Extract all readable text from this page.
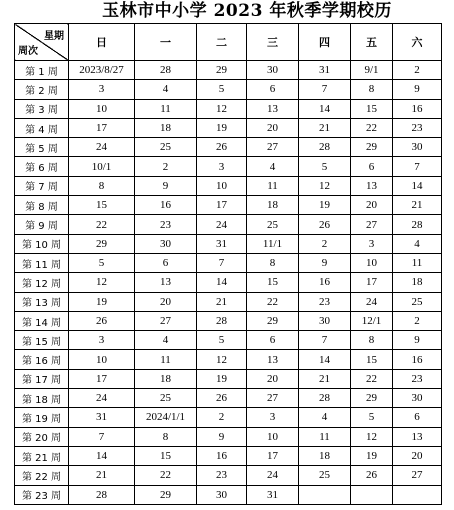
玉林市中小学 2023 年秋季学期校历
星期
周次	日	一	二	三	四	五	六
第 1 周	2023/8/27	28	29	30	31	9/1	2
第 2 周	3	4	5	6	7	8	9
第 3 周	10	11	12	13	14	15	16
第 4 周	17	18	19	20	21	22	23
第 5 周	24	25	26	27	28	29	30
第 6 周	10/1	2	3	4	5	6	7
第 7 周	8	9	10	11	12	13	14
第 8 周	15	16	17	18	19	20	21
第 9 周	22	23	24	25	26	27	28
第 10 周	29	30	31	11/1	2	3	4
第 11 周	5	6	7	8	9	10	11
第 12 周	12	13	14	15	16	17	18
第 13 周	19	20	21	22	23	24	25
第 14 周	26	27	28	29	30	12/1	2
第 15 周	3	4	5	6	7	8	9
第 16 周	10	11	12	13	14	15	16
第 17 周	17	18	19	20	21	22	23
第 18 周	24	25	26	27	28	29	30
第 19 周	31	2024/1/1	2	3	4	5	6
第 20 周	7	8	9	10	11	12	13
第 21 周	14	15	16	17	18	19	20
第 22 周	21	22	23	24	25	26	27
第 23 周	28	29	30	31			
